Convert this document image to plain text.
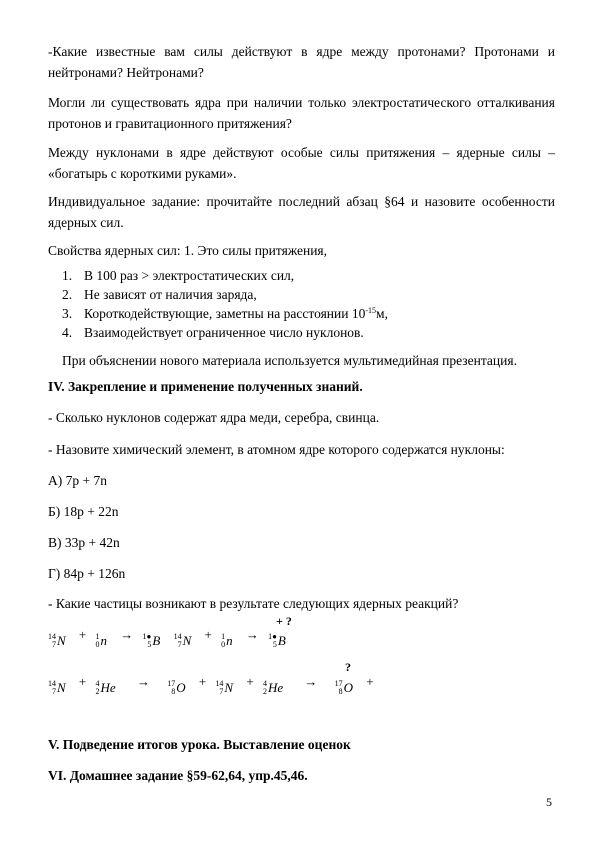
-Какие известные вам силы действуют в ядре между протонами? Протонами и
нейтронами? Нейтронами?
Могли ли существовать ядра при наличии только электростатического отталкивания
протонов и гравитационного притяжения?
Между нуклонами в ядре действуют особые силы притяжения – ядерные силы –
«богатырь с короткими руками».
Индивидуальное задание: прочитайте последний абзац §64 и назовите особенности
ядерных сил.
Свойства ядерных сил: 1. Это силы притяжения,
1. В 100 раз > электростатических сил,
2. Не зависят от наличия заряда,
3. Короткодействующие, заметны на расстоянии $10^{-15}м$,
4. Взаимодействует ограниченное число нуклонов.
При объяснении нового материала используется мультимедийная презентация.
IV. Закрепление и применение полученных знаний.
- Сколько нуклонов содержат ядра меди, серебра, свинца.
- Назовите химический элемент, в атомном ядре которого содержатся нуклоны:
А) 7p + 7n
Б) 18p + 22n
В) 33p + 42n
Г) 84p + 126n
- Какие частицы возникают в результате следующих ядерных реакций?
14
7 N + 1
0 n → 1●
5 B
14
7 N + 1
0 n → 1●
5 B
+ ?
14
7 N + 4
2 He → 17
8 O + 14
7 N + 4
2 He → 17
8 O +
?
V. Подведение итогов урока. Выставление оценок
VI. Домашнее задание §59-62,64, упр.45,46.
5
